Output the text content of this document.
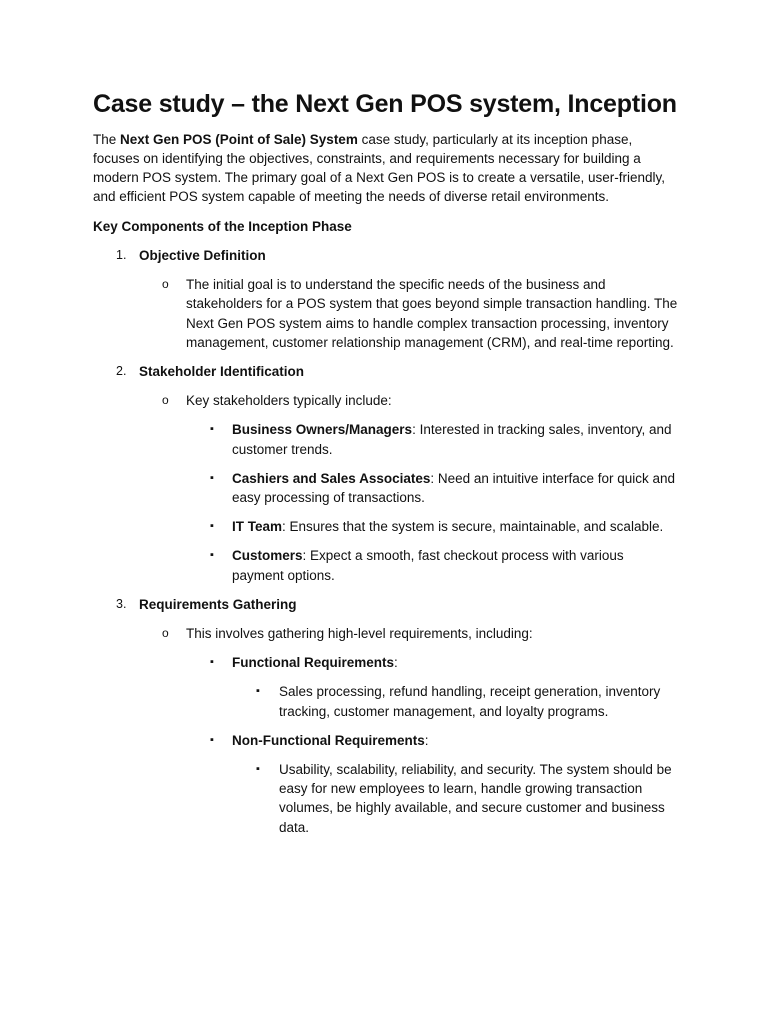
Case study – the Next Gen POS system, Inception

The Next Gen POS (Point of Sale) System case study, particularly at its inception phase, focuses on identifying the objectives, constraints, and requirements necessary for building a modern POS system. The primary goal of a Next Gen POS is to create a versatile, user-friendly, and efficient POS system capable of meeting the needs of diverse retail environments.

Key Components of the Inception Phase

1. Objective Definition
o The initial goal is to understand the specific needs of the business and stakeholders for a POS system that goes beyond simple transaction handling. The Next Gen POS system aims to handle complex transaction processing, inventory management, customer relationship management (CRM), and real-time reporting.
2. Stakeholder Identification
o Key stakeholders typically include:
▪ Business Owners/Managers: Interested in tracking sales, inventory, and customer trends.
▪ Cashiers and Sales Associates: Need an intuitive interface for quick and easy processing of transactions.
▪ IT Team: Ensures that the system is secure, maintainable, and scalable.
▪ Customers: Expect a smooth, fast checkout process with various payment options.
3. Requirements Gathering
o This involves gathering high-level requirements, including:
▪ Functional Requirements:
▪ Sales processing, refund handling, receipt generation, inventory tracking, customer management, and loyalty programs.
▪ Non-Functional Requirements:
▪ Usability, scalability, reliability, and security. The system should be easy for new employees to learn, handle growing transaction volumes, be highly available, and secure customer and business data.
